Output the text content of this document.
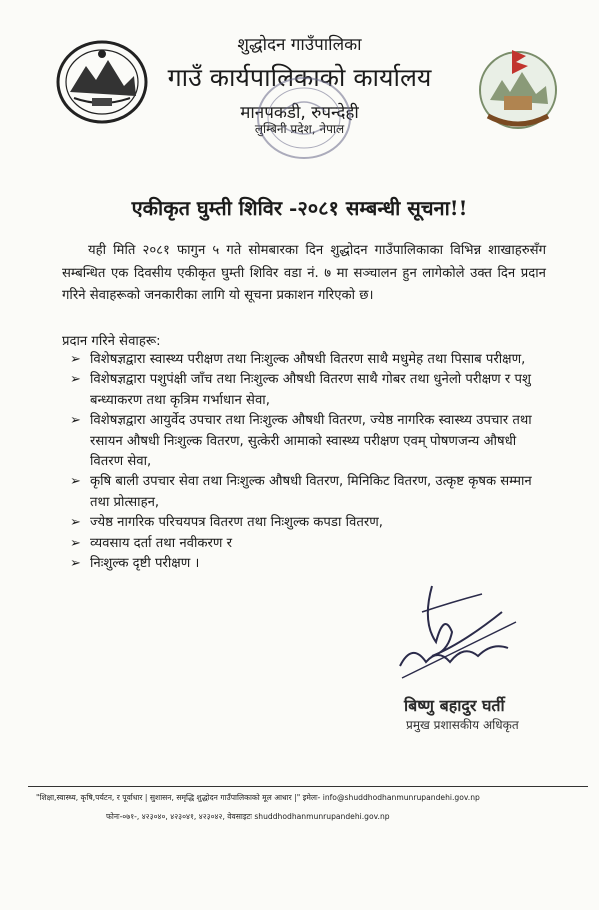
शुद्धोदन गाउँपालिका
गाउँ कार्यपालिकाको कार्यालय
मानपकडी, रुपन्देही
लुम्बिनी प्रदेश, नेपाल
एकीकृत घुम्ती शिविर -२०८१ सम्बन्धी सूचना!!

यही मिति २०८१ फागुन ५ गते सोमबारका दिन शुद्धोदन गाउँपालिकाका विभिन्न शाखाहरुसँग सम्बन्धित एक दिवसीय एकीकृत घुम्ती शिविर वडा नं. ७ मा सञ्चालन हुन लागेकोले उक्त दिन प्रदान गरिने सेवाहरूको जनकारीका लागि यो सूचना प्रकाशन गरिएको छ।

प्रदान गरिने सेवाहरू:
➢ विशेषज्ञद्वारा स्वास्थ्य परीक्षण तथा निःशुल्क औषधी वितरण साथै मधुमेह तथा पिसाब परीक्षण,
➢ विशेषज्ञद्वारा पशुपंक्षी जाँच तथा निःशुल्क औषधी वितरण साथै गोबर तथा धुनेलो परीक्षण र पशु बन्ध्याकरण तथा कृत्रिम गर्भाधान सेवा,
➢ विशेषज्ञद्वारा आयुर्वेद उपचार तथा निःशुल्क औषधी वितरण, ज्येष्ठ नागरिक स्वास्थ्य उपचार तथा रसायन औषधी निःशुल्क वितरण, सुत्केरी आमाको स्वास्थ्य परीक्षण एवम् पोषणजन्य औषधी वितरण सेवा,
➢ कृषि बाली उपचार सेवा तथा निःशुल्क औषधी वितरण, मिनिकिट वितरण, उत्कृष्ट कृषक सम्मान तथा प्रोत्साहन,
➢ ज्येष्ठ नागरिक परिचयपत्र वितरण तथा निःशुल्क कपडा वितरण,
➢ व्यवसाय दर्ता तथा नवीकरण र
➢ निःशुल्क दृष्टी परीक्षण ।
बिष्णु बहादुर घर्ती
प्रमुख प्रशासकीय अधिकृत
"शिक्षा,स्वास्थ्य, कृषि,पर्यटन, र पूर्वाधार | सुशासन, समृद्धि शुद्धोदन गाउँपालिकाको मूल आधार |" इमेलः- info@shuddhodhanmunrupandehi.gov.np
फोनः-०७१-, ४२३०४०, ४२३०४१, ४२३०४२, वेवसाइटः shuddhodhanmunrupandehi.gov.np
